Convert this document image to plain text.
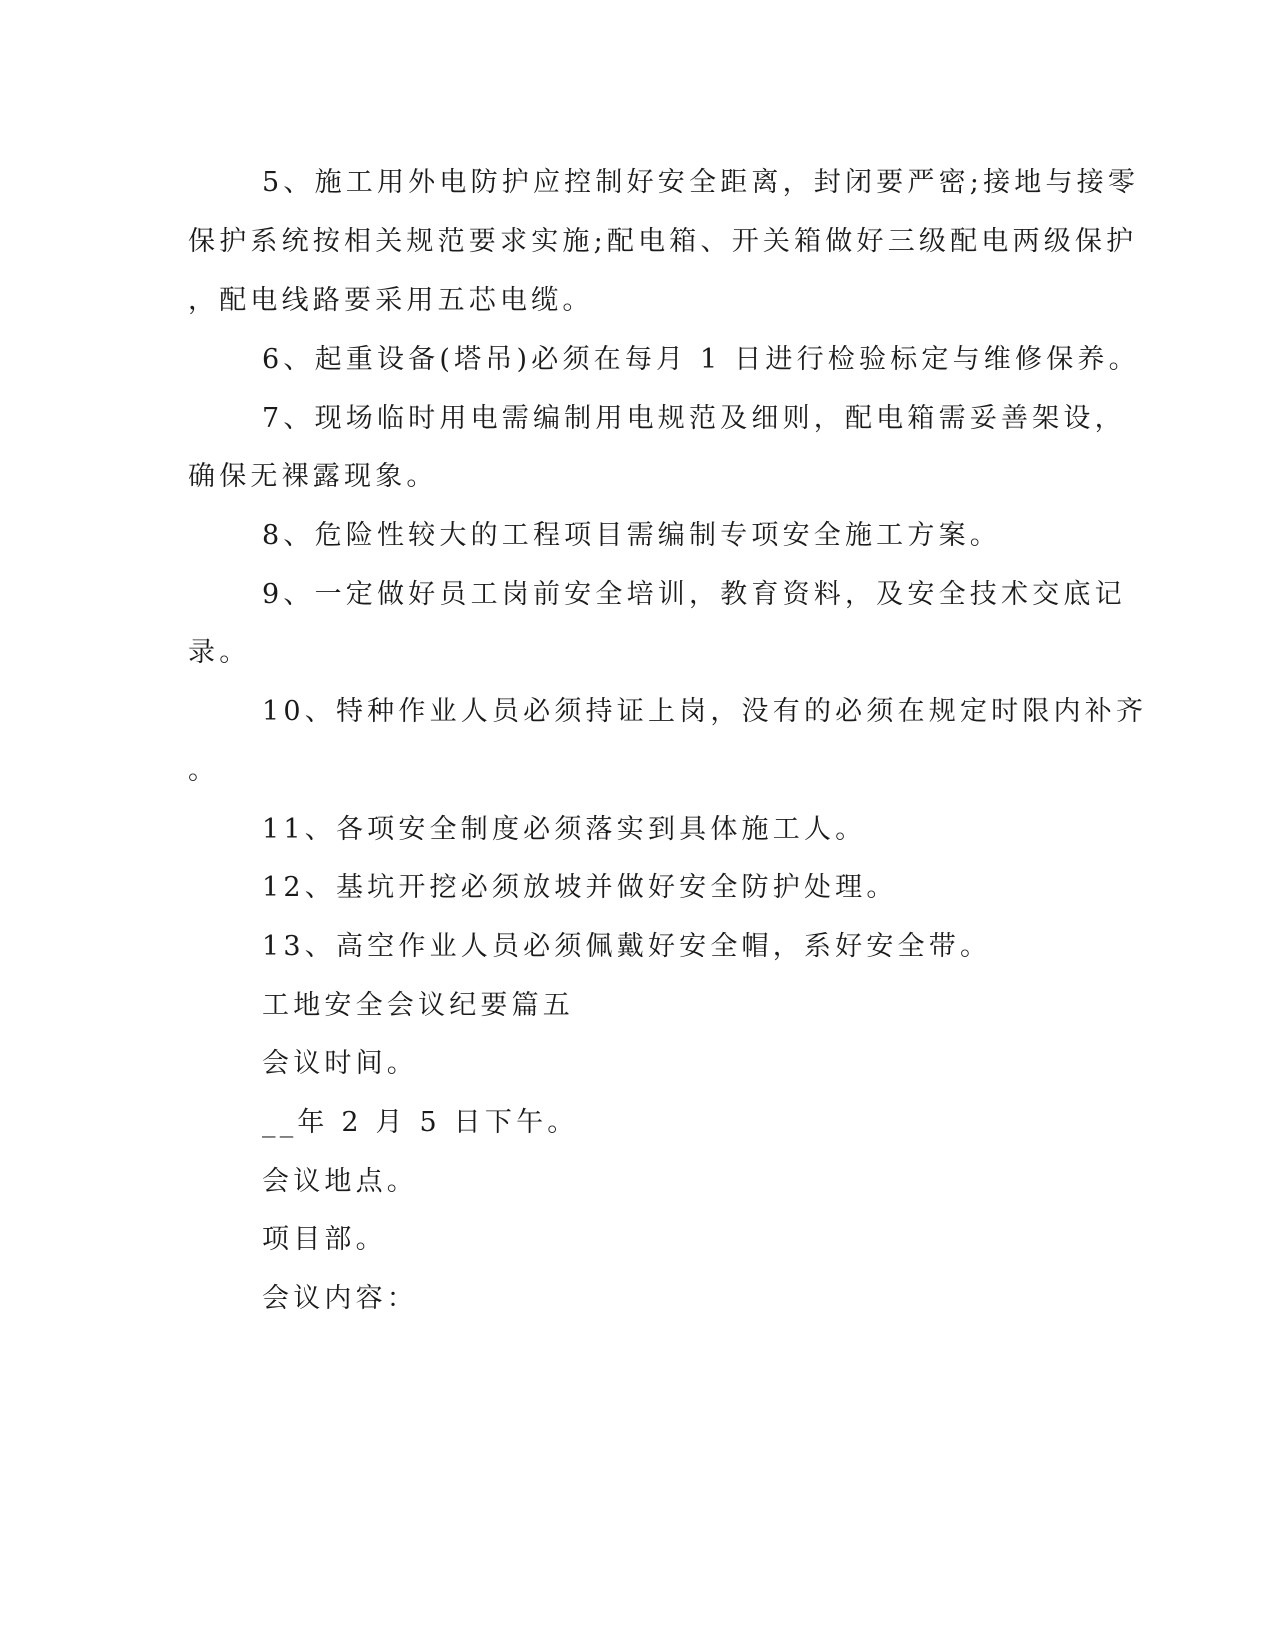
5、施工用外电防护应控制好安全距离，封闭要严密;接地与接零
保护系统按相关规范要求实施;配电箱、开关箱做好三级配电两级保护
，配电线路要采用五芯电缆。
6、起重设备(塔吊)必须在每月 1 日进行检验标定与维修保养。
7、现场临时用电需编制用电规范及细则，配电箱需妥善架设，
确保无裸露现象。
8、危险性较大的工程项目需编制专项安全施工方案。
9、一定做好员工岗前安全培训，教育资料，及安全技术交底记
录。
10、特种作业人员必须持证上岗，没有的必须在规定时限内补齐
。
11、各项安全制度必须落实到具体施工人。
12、基坑开挖必须放坡并做好安全防护处理。
13、高空作业人员必须佩戴好安全帽，系好安全带。
工地安全会议纪要篇五
会议时间。
__年 2 月 5 日下午。
会议地点。
项目部。
会议内容：
